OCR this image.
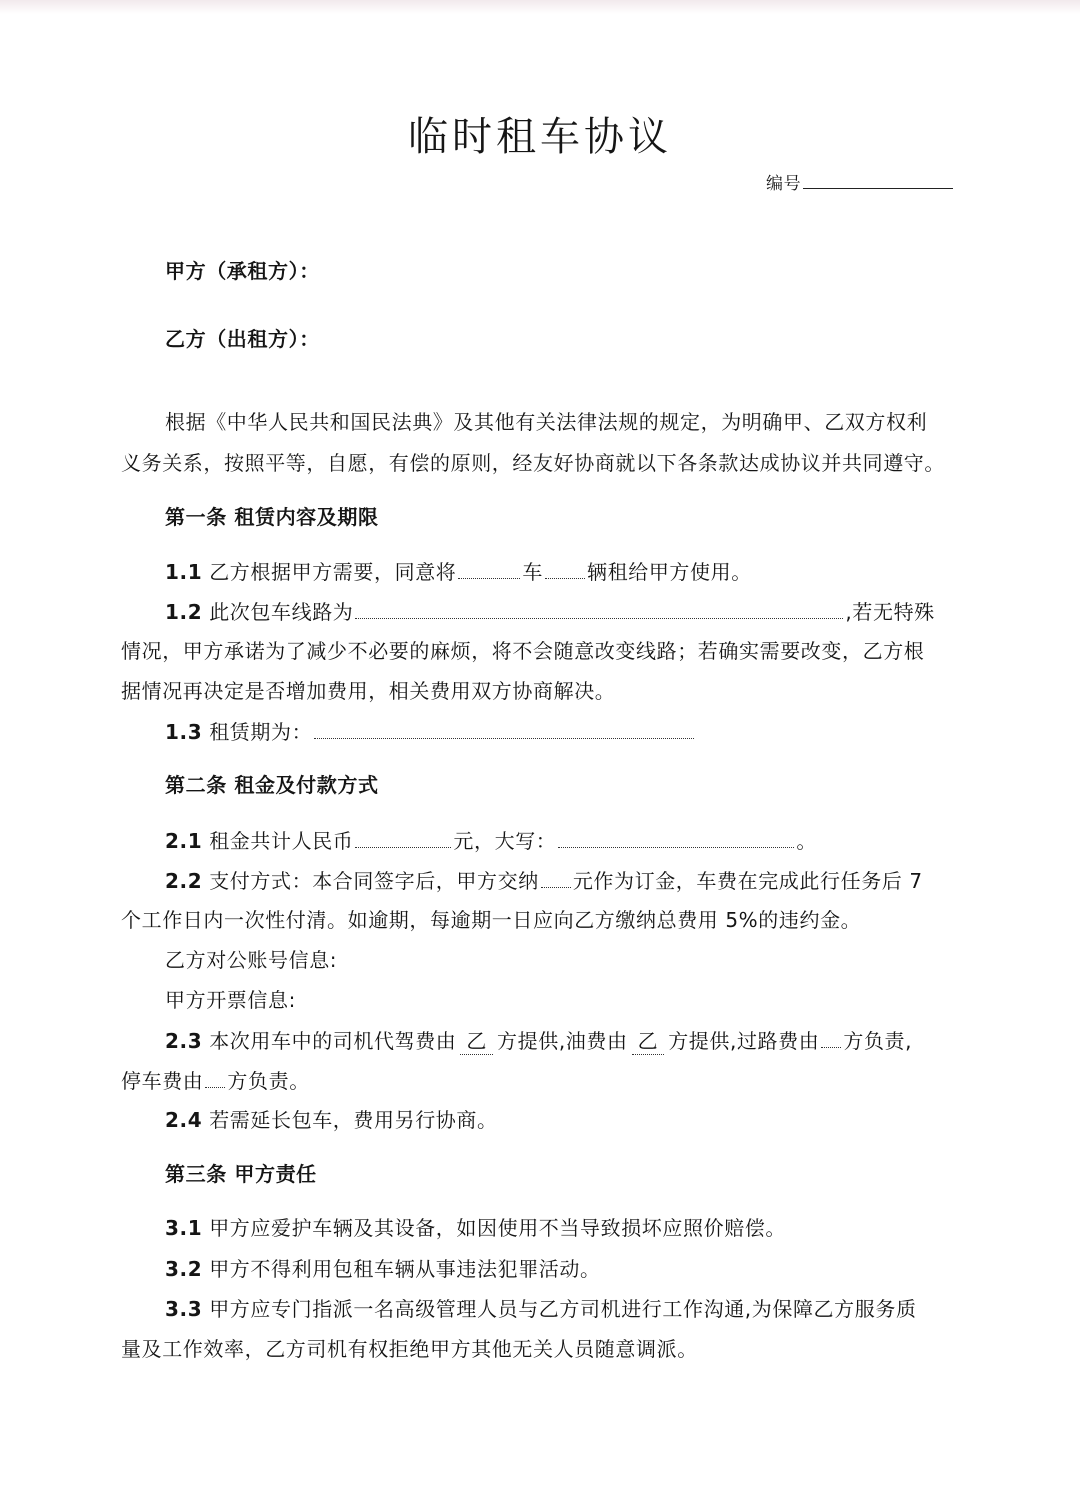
临时租车协议
编号
甲方（承租方）：
乙方（出租方）：
根据《中华人民共和国民法典》及其他有关法律法规的规定，为明确甲、乙双方权利
义务关系，按照平等，自愿，有偿的原则，经友好协商就以下各条款达成协议并共同遵守。
第一条 租赁内容及期限
1.1 乙方根据甲方需要，同意将	车 辆租给甲方使用。
1.2 此次包车线路为	,若无特殊
情况，甲方承诺为了减少不必要的麻烦，将不会随意改变线路；若确实需要改变，乙方根
据情况再决定是否增加费用，相关费用双方协商解决。
1.3 租赁期为：
第二条 租金及付款方式
2.1 租金共计人民币	元，大写：	。
2.2 支付方式：本合同签字后，甲方交纳 元作为订金，车费在完成此行任务后 7
个工作日内一次性付清。如逾期，每逾期一日应向乙方缴纳总费用 5%的违约金。
乙方对公账号信息:
甲方开票信息:
2.3 本次用车中的司机代驾费由 乙 方提供,油费由 乙 方提供,过路费由 方负责,
停车费由 方负责。
2.4 若需延长包车，费用另行协商。
第三条 甲方责任
3.1 甲方应爱护车辆及其设备，如因使用不当导致损坏应照价赔偿。
3.2 甲方不得利用包租车辆从事违法犯罪活动。
3.3 甲方应专门指派一名高级管理人员与乙方司机进行工作沟通,为保障乙方服务质
量及工作效率，乙方司机有权拒绝甲方其他无关人员随意调派。
